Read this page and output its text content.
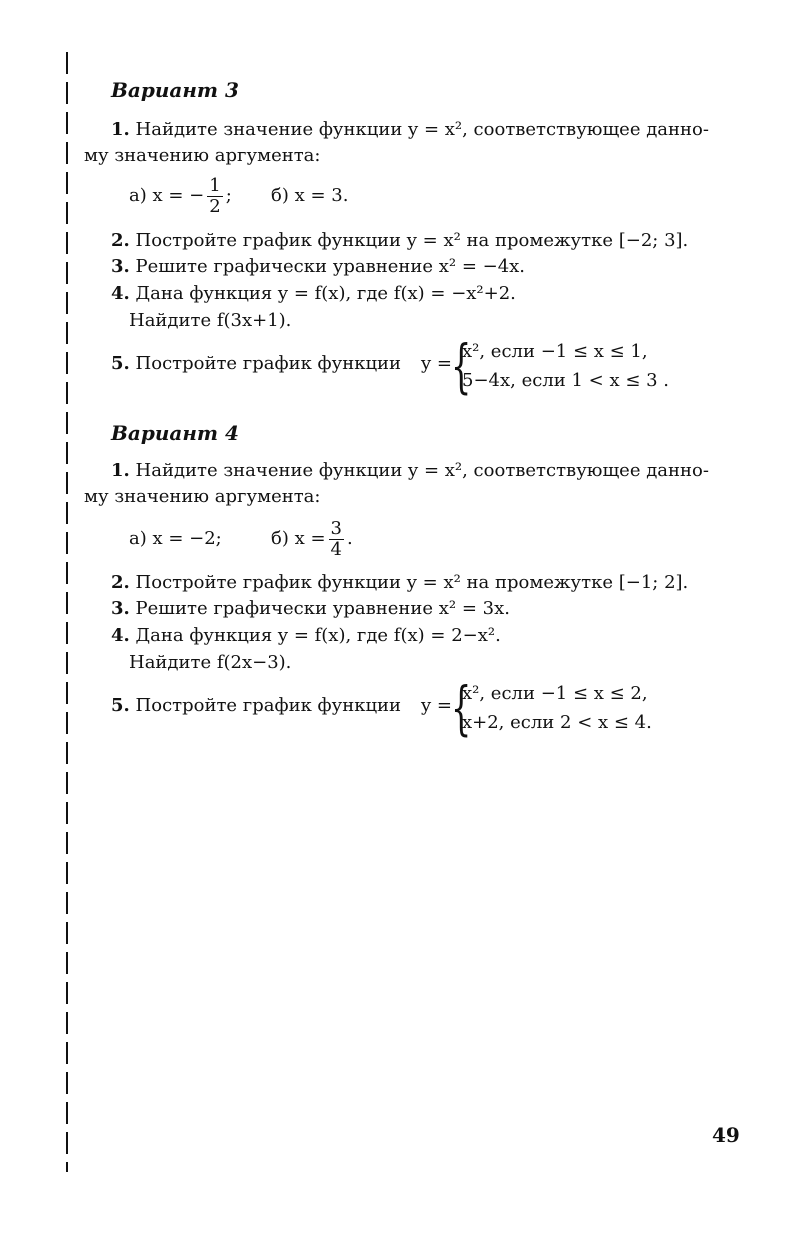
Вариант 3
1. Найдите значение функции y = x², соответствующее данно-
му значению аргумента:
а) x = − $\frac{1}{2}$ ; б) x = 3.
2. Постройте график функции y = x² на промежутке [−2; 3].
3. Решите графически уравнение x² = −4x.
4. Дана функция y = f(x), где f(x) = −x²+2.
Найдите f(3x+1).
5. Постройте график функции y = {
x², если −1 ≤ x ≤ 1,
5−4x, если 1 < x ≤ 3 .
Вариант 4
1. Найдите значение функции y = x², соответствующее данно-
му значению аргумента:
а) x = −2;	б) $x = \frac{3}{4}$ .
2. Постройте график функции y = x² на промежутке [−1; 2].
3. Решите графически уравнение x² = 3x.
4. Дана функция y = f(x), где f(x) = 2−x².
Найдите f(2x−3).
5. Постройте график функции y = {
x², если −1 ≤ x ≤ 2,
x+2, если 2 < x ≤ 4.
49
